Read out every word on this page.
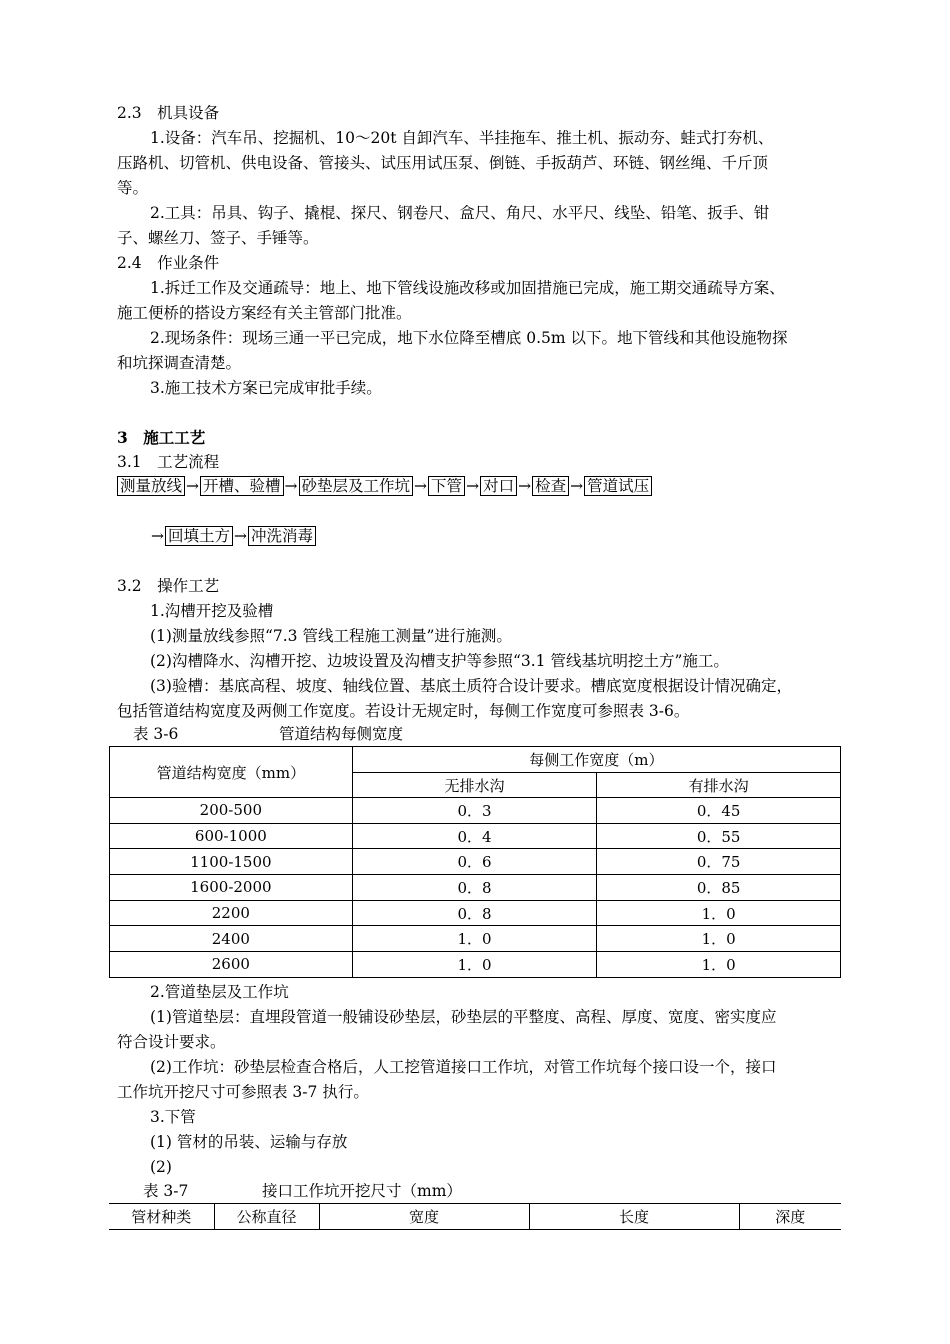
2.3　机具设备
1.设备：汽车吊、挖掘机、10～20t 自卸汽车、半挂拖车、推土机、振动夯、蛙式打夯机、
压路机、切管机、供电设备、管接头、试压用试压泵、倒链、手扳葫芦、环链、钢丝绳、千斤顶
等。
2.工具：吊具、钩子、撬棍、探尺、钢卷尺、盒尺、角尺、水平尺、线坠、铅笔、扳手、钳
子、螺丝刀、签子、手锤等。
2.4　作业条件
1.拆迁工作及交通疏导：地上、地下管线设施改移或加固措施已完成，施工期交通疏导方案、
施工便桥的搭设方案经有关主管部门批准。
2.现场条件：现场三通一平已完成，地下水位降至槽底 0.5m 以下。地下管线和其他设施物探
和坑探调查清楚。
3.施工技术方案已完成审批手续。
3　施工工艺
3.1　工艺流程
测量放线 → 开槽、验槽 → 砂垫层及工作坑 → 下管 → 对口 → 检查 → 管道试压
→ 回填土方 → 冲洗消毒
3.2　操作工艺
1.沟槽开挖及验槽
(1)测量放线参照“7.3 管线工程施工测量”进行施测。
(2)沟槽降水、沟槽开挖、边坡设置及沟槽支护等参照“3.1 管线基坑明挖土方”施工。
(3)验槽：基底高程、坡度、轴线位置、基底土质符合设计要求。槽底宽度根据设计情况确定，
包括管道结构宽度及两侧工作宽度。若设计无规定时，每侧工作宽度可参照表 3-6。
表 3-6	管道结构每侧宽度
管道结构宽度（mm）	每侧工作宽度（m）	
	无排水沟	有排水沟
200-500	0．3	0．45
600-1000	0．4	0．55
1100-1500	0．6	0．75
1600-2000	0．8	0．85
2200	0．8	1．0
2400	1．0	1．0
2600	1．0	1．0
2.管道垫层及工作坑
(1)管道垫层：直埋段管道一般铺设砂垫层，砂垫层的平整度、高程、厚度、宽度、密实度应
符合设计要求。
(2)工作坑：砂垫层检查合格后，人工挖管道接口工作坑，对管工作坑每个接口设一个，接口
工作坑开挖尺寸可参照表 3-7 执行。
3.下管
(1) 管材的吊装、运输与存放
(2)
表 3-7	接口工作坑开挖尺寸（mm）
管材种类	公称直径	宽度	长度	深度
